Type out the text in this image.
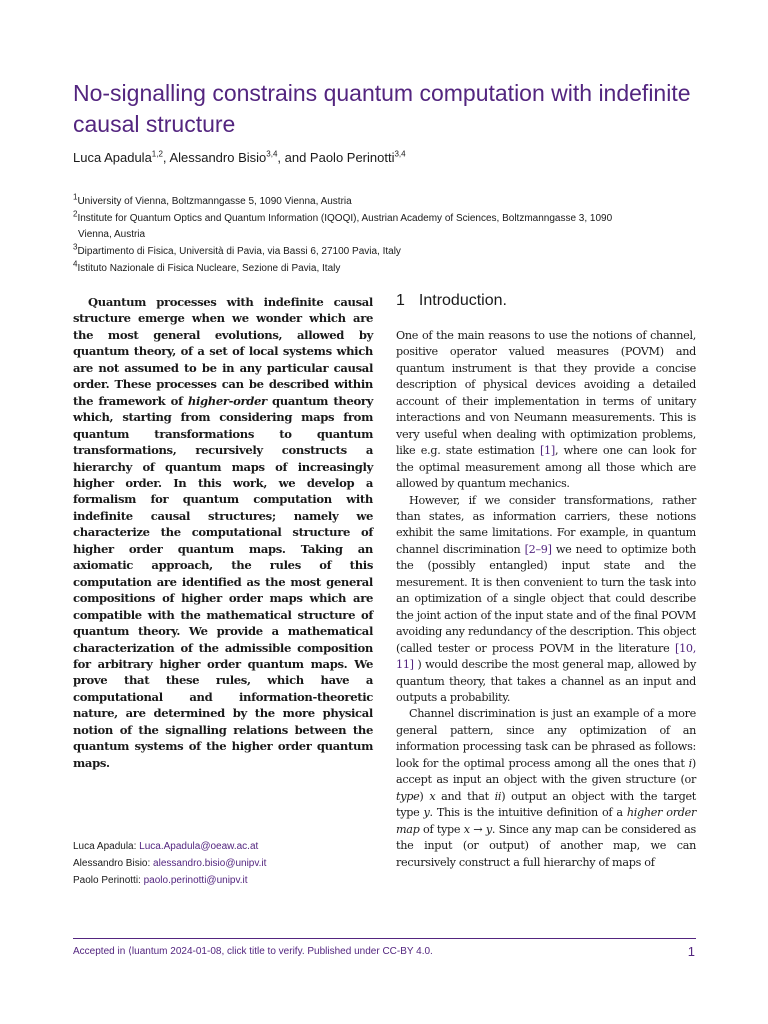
No-signalling constrains quantum computation with indefinite causal structure
Luca Apadula$^{1,2}$, Alessandro Bisio$^{3,4}$, and Paolo Perinotti$^{3,4}$
$^1$University of Vienna, Boltzmanngasse 5, 1090 Vienna, Austria
$^2$Institute for Quantum Optics and Quantum Information (IQOQI), Austrian Academy of Sciences, Boltzmanngasse 3, 1090
Vienna, Austria
$^3$Dipartimento di Fisica, Università di Pavia, via Bassi 6, 27100 Pavia, Italy
$^4$Istituto Nazionale di Fisica Nucleare, Sezione di Pavia, Italy
Quantum processes with indefinite causal structure emerge when we wonder which are the most general evolutions, allowed by quantum theory, of a set of local systems which are not assumed to be in any particular causal order. These processes can be described within the framework of higher-order quantum theory which, starting from considering maps from quantum transformations to quantum transformations, recursively constructs a hierarchy of quantum maps of increasingly higher order. In this work, we develop a formalism for quantum computation with indefinite causal structures; namely we characterize the computational structure of higher order quantum maps. Taking an axiomatic approach, the rules of this computation are identified as the most general compositions of higher order maps which are compatible with the mathematical structure of quantum theory. We provide a mathematical characterization of the admissible composition for arbitrary higher order quantum maps. We prove that these rules, which have a computational and information-theoretic nature, are determined by the more physical notion of the signalling relations between the quantum systems of the higher order quantum maps.
Luca Apadula: Luca.Apadula@oeaw.ac.at
Alessandro Bisio: alessandro.bisio@unipv.it
Paolo Perinotti: paolo.perinotti@unipv.it
1 Introduction.

One of the main reasons to use the notions of channel, positive operator valued measures (POVM) and quantum instrument is that they provide a concise description of physical devices avoiding a detailed account of their implementation in terms of unitary interactions and von Neumann measurements. This is very useful when dealing with optimization problems, like e.g. state estimation [1], where one can look for the optimal measurement among all those which are allowed by quantum mechanics.

However, if we consider transformations, rather than states, as information carriers, these notions exhibit the same limitations. For example, in quantum channel discrimination [2–9] we need to optimize both the (possibly entangled) input state and the mesurement. It is then convenient to turn the task into an optimization of a single object that could describe the joint action of the input state and of the final POVM avoiding any redundancy of the description. This object (called tester or process POVM in the literature [10, 11] ) would describe the most general map, allowed by quantum theory, that takes a channel as an input and outputs a probability.

Channel discrimination is just an example of a more general pattern, since any optimization of an information processing task can be phrased as follows: look for the optimal process among all the ones that i) accept as input an object with the given structure (or type) x and that ii) output an object with the target type y. This is the intuitive definition of a higher order map of type x → y. Since any map can be considered as the input (or output) of another map, we can recursively construct a full hierarchy of maps of

Accepted in ⟨luantum 2024-01-08, click title to verify. Published under CC-BY 4.0.	1
